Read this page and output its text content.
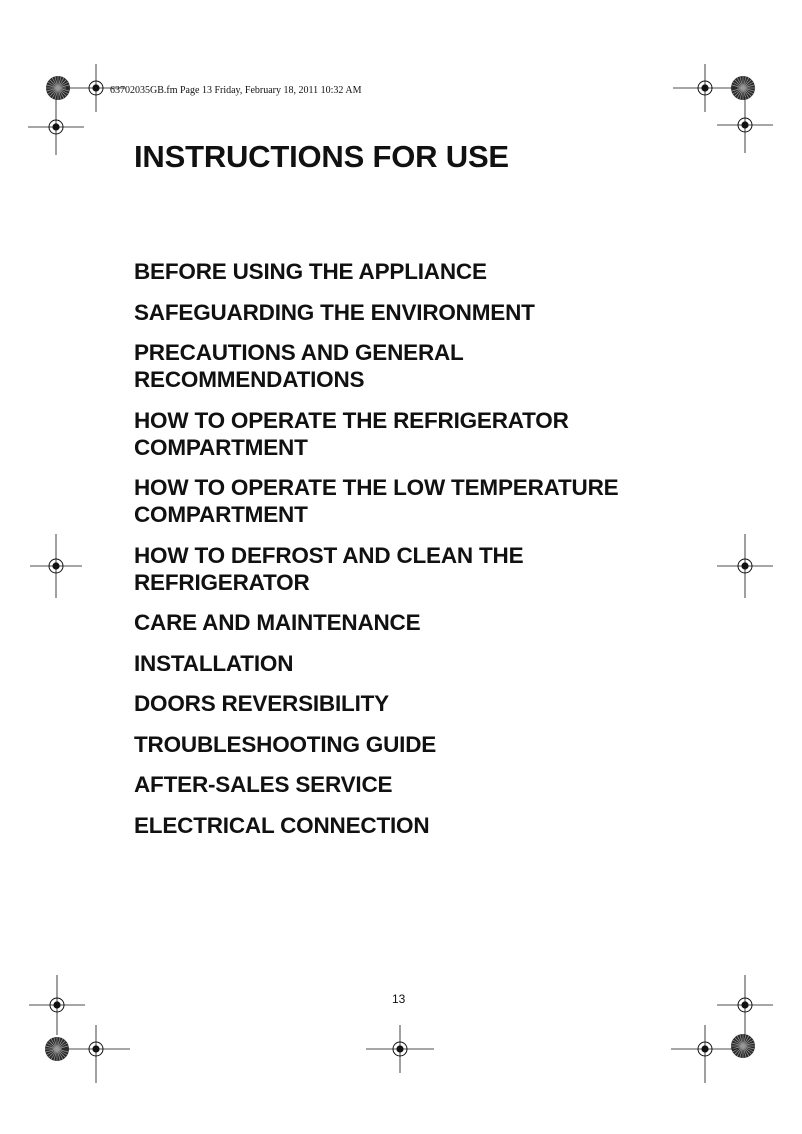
63702035GB.fm Page 13 Friday, February 18, 2011 10:32 AM
INSTRUCTIONS FOR USE
BEFORE USING THE APPLIANCE
SAFEGUARDING THE ENVIRONMENT
PRECAUTIONS AND GENERAL RECOMMENDATIONS
HOW TO OPERATE THE REFRIGERATOR COMPARTMENT
HOW TO OPERATE THE LOW TEMPERATURE COMPARTMENT
HOW TO DEFROST AND CLEAN THE REFRIGERATOR
CARE AND MAINTENANCE
INSTALLATION
DOORS REVERSIBILITY
TROUBLESHOOTING GUIDE
AFTER-SALES SERVICE
ELECTRICAL CONNECTION
13
